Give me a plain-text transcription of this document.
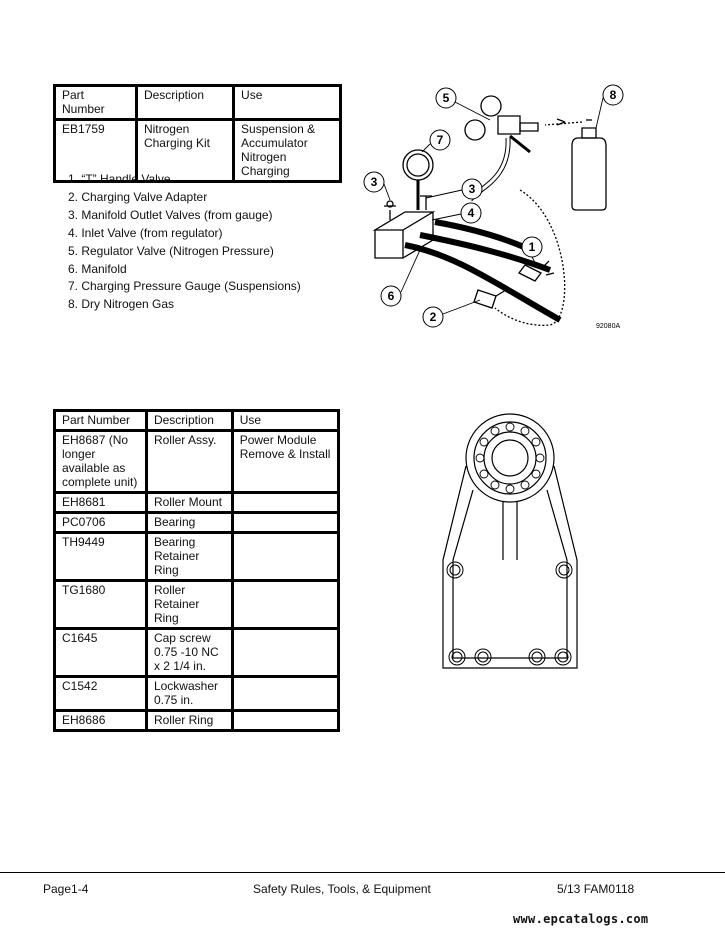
Part Number	Description	Use
EB1759	Nitrogen Charging Kit	Suspension & Accumulator Nitrogen Charging
1. “T” Handle Valve
2. Charging Valve Adapter
3. Manifold Outlet Valves (from gauge)
4. Inlet Valve (from regulator)
5. Regulator Valve (Nitrogen Pressure)
6. Manifold
7. Charging Pressure Gauge (Suspensions)
8. Dry Nitrogen Gas
5	8
7
3	3
4
1
6
2
92080A
Part Number	Description	Use
EH8687 (No longer available as complete unit)	Roller Assy.	Power Module Remove & Install
EH8681	Roller Mount	
PC0706	Bearing	
TH9449	Bearing Retainer Ring	
TG1680	Roller Retainer Ring	
C1645	Cap screw 0.75 -10 NC x 2 1/4 in.	
C1542	Lockwasher 0.75 in.	
EH8686	Roller Ring	
Page1-4	Safety Rules, Tools, & Equipment	5/13 FAM0118
www.epcatalogs.com
